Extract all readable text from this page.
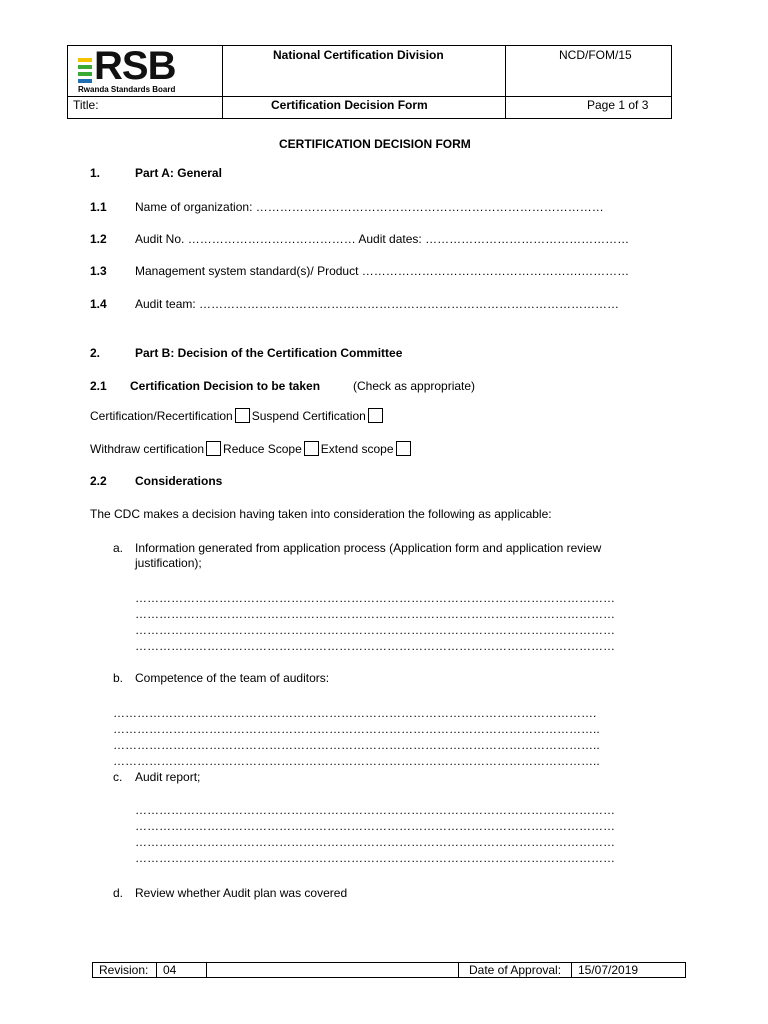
RSB
Rwanda Standards Board
National Certification Division	NCD/FOM/15
Title:	Certification Decision Form	Page 1 of 3
CERTIFICATION DECISION FORM
1.	Part A: General
1.1 Name of organization: ……………………………………………………………………………
1.2 Audit No. …………………………………… Audit dates: ……………………………………………
1.3 Management system standard(s)/ Product ……………………………………………….…………
1.4 Audit team: ……………………………………………………………………………………………
2.	Part B: Decision of the Certification Committee
2.1 Certification Decision to be taken	(Check as appropriate)
Certification/Recertification Suspend Certification
Withdraw certification Reduce Scope Extend scope
2.2 Considerations
The CDC makes a decision having taken into consideration the following as applicable:
a. Information generated from application process (Application form and application review
justification);
…………………………………………………………………………………………………………
…………………………………………………………………………………………………………
…………………………………………………………………………………………………………
…………………………………………………………………………………………………………
b. Competence of the team of auditors:
………………………………………………………………………………………………………….
…………………………………………………………………………………………………………..
…………………………………………………………………………………………………………..
…………………………………………………………………………………………………………..
c. Audit report;
…………………………………………………………………………………………………………
…………………………………………………………………………………………………………
…………………………………………………………………………………………………………
…………………………………………………………………………………………………………
d. Review whether Audit plan was covered
Revision: 04	Date of Approval: 15/07/2019
